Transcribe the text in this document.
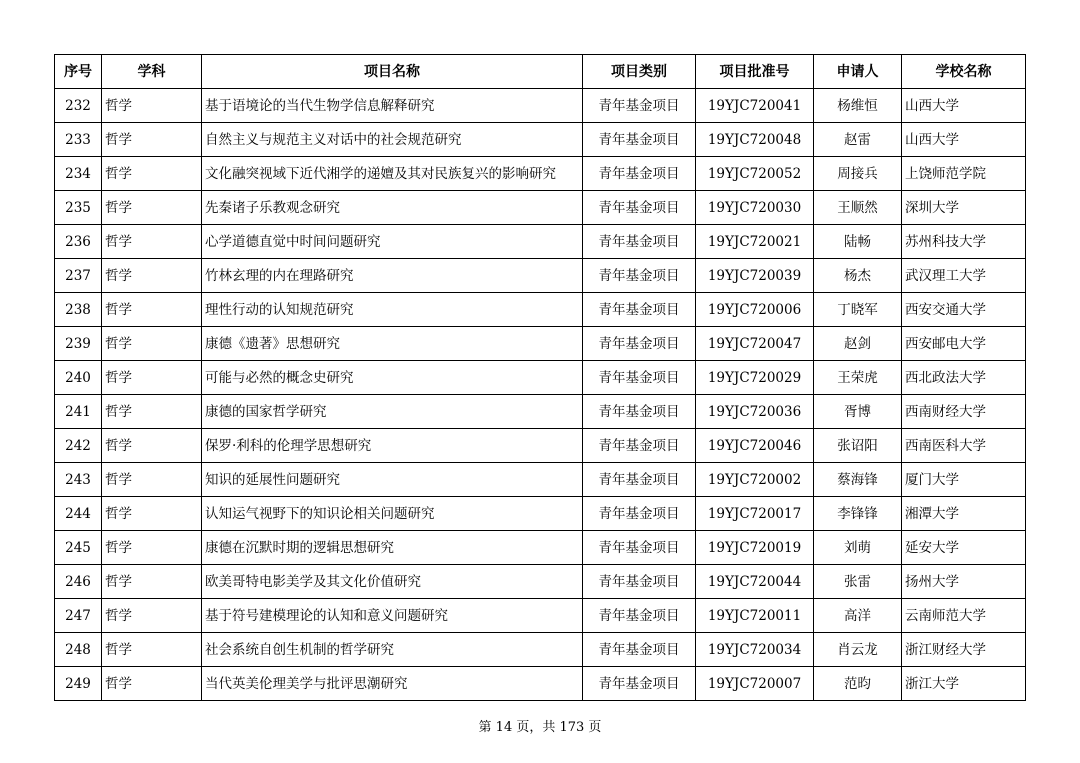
序号	学科	项目名称	项目类别	项目批准号	申请人	学校名称
232	哲学	基于语境论的当代生物学信息解释研究	青年基金项目	19YJC720041	杨维恒	山西大学
233	哲学	自然主义与规范主义对话中的社会规范研究	青年基金项目	19YJC720048	赵雷	山西大学
234	哲学	文化融突视域下近代湘学的递嬗及其对民族复兴的影响研究	青年基金项目	19YJC720052	周接兵	上饶师范学院
235	哲学	先秦诸子乐教观念研究	青年基金项目	19YJC720030	王顺然	深圳大学
236	哲学	心学道德直觉中时间问题研究	青年基金项目	19YJC720021	陆畅	苏州科技大学
237	哲学	竹林玄理的内在理路研究	青年基金项目	19YJC720039	杨杰	武汉理工大学
238	哲学	理性行动的认知规范研究	青年基金项目	19YJC720006	丁晓军	西安交通大学
239	哲学	康德《遗著》思想研究	青年基金项目	19YJC720047	赵剑	西安邮电大学
240	哲学	可能与必然的概念史研究	青年基金项目	19YJC720029	王荣虎	西北政法大学
241	哲学	康德的国家哲学研究	青年基金项目	19YJC720036	胥博	西南财经大学
242	哲学	保罗·利科的伦理学思想研究	青年基金项目	19YJC720046	张诏阳	西南医科大学
243	哲学	知识的延展性问题研究	青年基金项目	19YJC720002	蔡海锋	厦门大学
244	哲学	认知运气视野下的知识论相关问题研究	青年基金项目	19YJC720017	李锋锋	湘潭大学
245	哲学	康德在沉默时期的逻辑思想研究	青年基金项目	19YJC720019	刘萌	延安大学
246	哲学	欧美哥特电影美学及其文化价值研究	青年基金项目	19YJC720044	张雷	扬州大学
247	哲学	基于符号建模理论的认知和意义问题研究	青年基金项目	19YJC720011	高洋	云南师范大学
248	哲学	社会系统自创生机制的哲学研究	青年基金项目	19YJC720034	肖云龙	浙江财经大学
249	哲学	当代英美伦理美学与批评思潮研究	青年基金项目	19YJC720007	范昀	浙江大学
第 14 页，共 173 页
